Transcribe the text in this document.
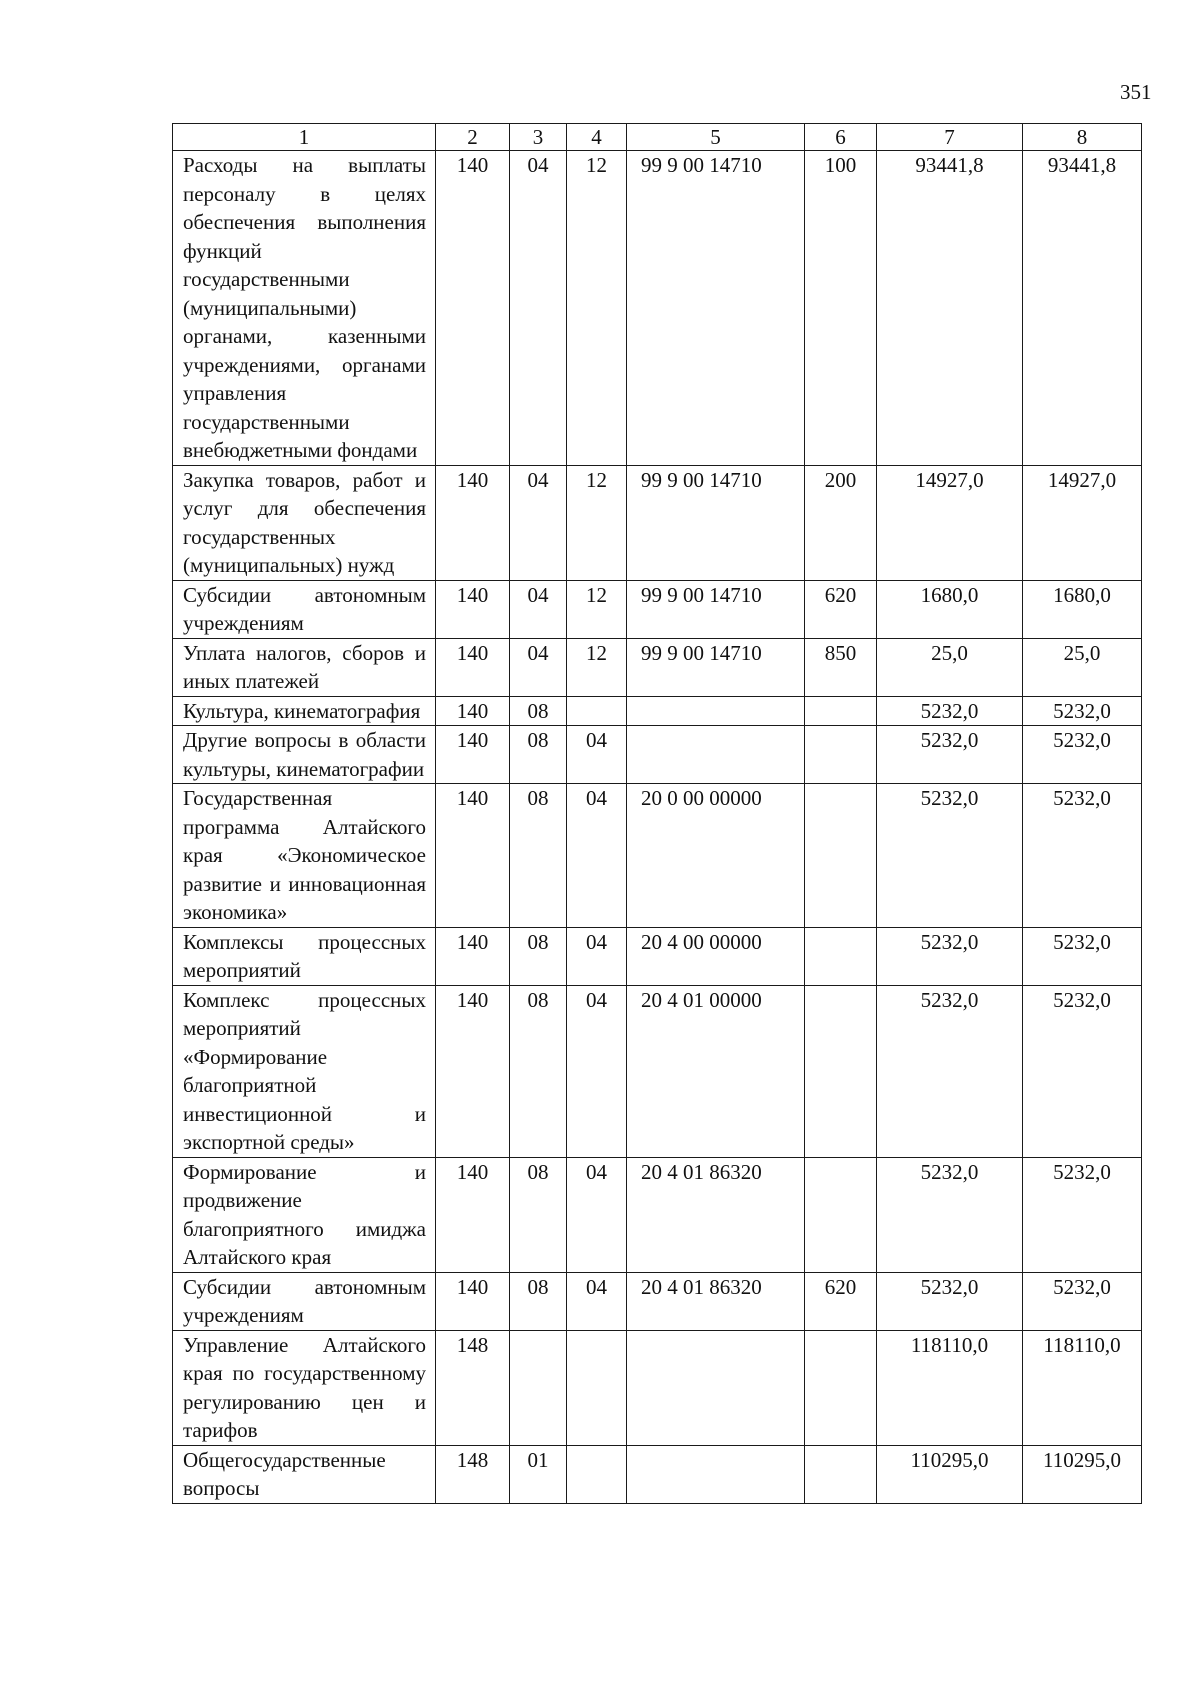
351
1	2	3	4	5	6	7	8
Расходы на выплаты персоналу в целях обеспечения выполнения функций государственными (муниципальными) органами, казенными учреждениями, органами управления государственными внебюджетными фондами	140	04	12	99 9 00 14710	100	93441,8	93441,8
Закупка товаров, работ и услуг для обеспечения государственных (муниципальных) нужд	140	04	12	99 9 00 14710	200	14927,0	14927,0
Субсидии автономным учреждениям	140	04	12	99 9 00 14710	620	1680,0	1680,0
Уплата налогов, сборов и иных платежей	140	04	12	99 9 00 14710	850	25,0	25,0
Культура, кинематография	140	08				5232,0	5232,0
Другие вопросы в области культуры, кинематографии	140	08	04			5232,0	5232,0
Государственная программа Алтайского края «Экономическое развитие и инновационная экономика»	140	08	04	20 0 00 00000		5232,0	5232,0
Комплексы процессных мероприятий	140	08	04	20 4 00 00000		5232,0	5232,0
Комплекс процессных мероприятий «Формирование благоприятной инвестиционной и экспортной среды»	140	08	04	20 4 01 00000		5232,0	5232,0
Формирование и продвижение благоприятного имиджа Алтайского края	140	08	04	20 4 01 86320		5232,0	5232,0
Субсидии автономным учреждениям	140	08	04	20 4 01 86320	620	5232,0	5232,0
Управление Алтайского края по государственному регулированию цен и тарифов	148					118110,0	118110,0
Общегосударственные вопросы	148	01				110295,0	110295,0
